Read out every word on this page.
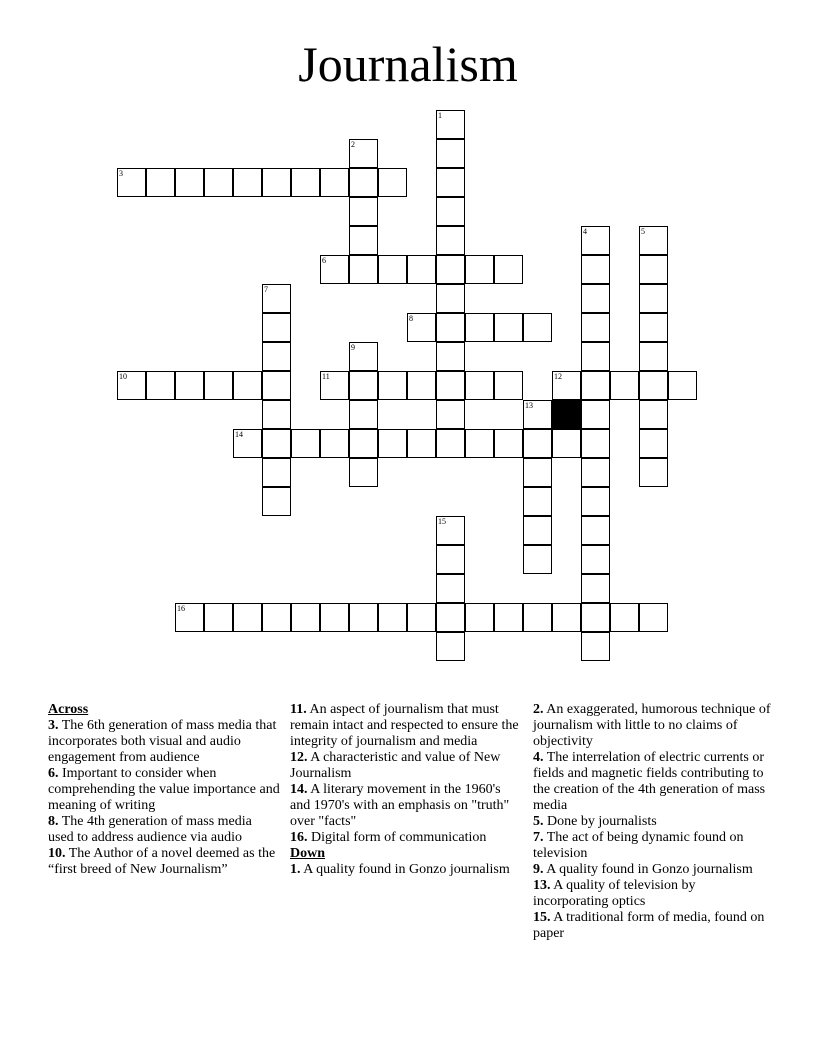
Journalism
1
2
3
4	5
6
7
8
9
10	11	12
13
14
15
16

Across

3. The 6th generation of mass media that incorporates both visual and audio engagement from audience

6. Important to consider when comprehending the value importance and meaning of writing

8. The 4th generation of mass media used to address audience via audio

10. The Author of a novel deemed as the “first breed of New Journalism”

11. An aspect of journalism that must remain intact and respected to ensure the integrity of journalism and media

12. A characteristic and value of New Journalism

14. A literary movement in the 1960's and 1970's with an emphasis on "truth" over "facts"

16. Digital form of communication

Down

1. A quality found in Gonzo journalism

2. An exaggerated, humorous technique of journalism with little to no claims of objectivity

4. The interrelation of electric currents or fields and magnetic fields contributing to the creation of the 4th generation of mass media

5. Done by journalists

7. The act of being dynamic found on television

9. A quality found in Gonzo journalism

13. A quality of television by incorporating optics

15. A traditional form of media, found on paper
